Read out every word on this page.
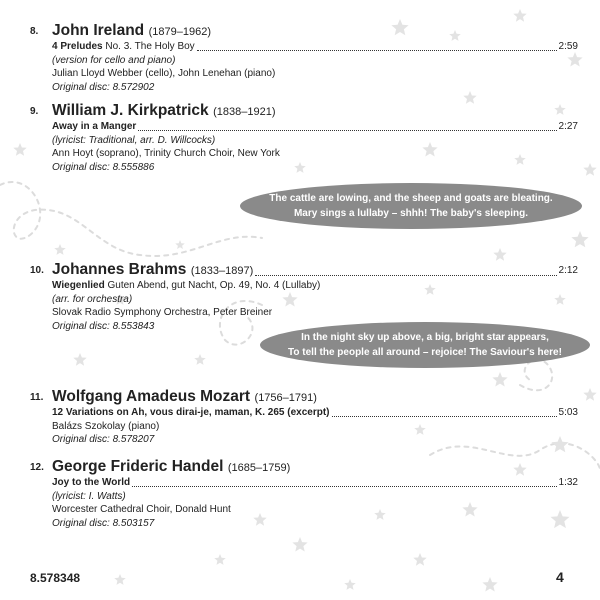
8. John Ireland (1879–1962)
4 Preludes No. 3. The Holy Boy	2:59
(version for cello and piano)
Julian Lloyd Webber (cello), John Lenehan (piano)
Original disc: 8.572902
9. William J. Kirkpatrick (1838–1921)
Away in a Manger	2:27
(lyricist: Traditional, arr. D. Willcocks)
Ann Hoyt (soprano), Trinity Church Choir, New York
Original disc: 8.555886
The cattle are lowing, and the sheep and goats are bleating.
Mary sings a lullaby – shhh! The baby's sleeping.
10. Johannes Brahms (1833–1897)	2:12
Wiegenlied Guten Abend, gut Nacht, Op. 49, No. 4 (Lullaby)
(arr. for orchestra)
Slovak Radio Symphony Orchestra, Peter Breiner
Original disc: 8.553843
In the night sky up above, a big, bright star appears,
To tell the people all around – rejoice! The Saviour's here!
11. Wolfgang Amadeus Mozart (1756–1791)
12 Variations on Ah, vous dirai-je, maman, K. 265 (excerpt)	5:03
Balázs Szokolay (piano)
Original disc: 8.578207
12. George Frideric Handel (1685–1759)
Joy to the World	1:32
(lyricist: I. Watts)
Worcester Cathedral Choir, Donald Hunt
Original disc: 8.503157
8.578348	4
